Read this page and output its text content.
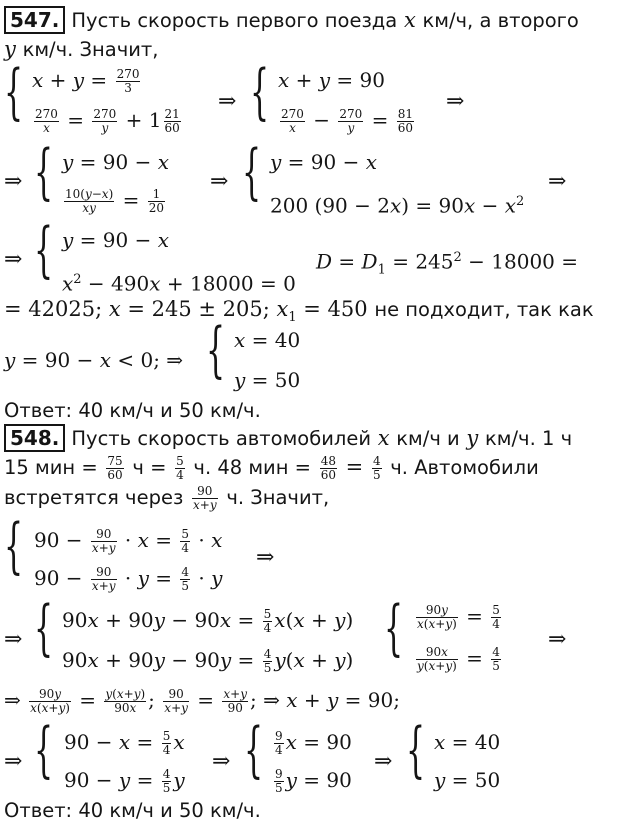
547. Пусть скорость первого поезда x км/ч, а второго
y км/ч. Значит,
{ $x + y = \frac{270}{3}$
$\frac{270}{x} = \frac{270}{y} + 1 \frac{21}{60}$
⇒ { x + y = 90
$\frac{270}{x} - \frac{270}{y} = \frac{81}{60}$
⇒
⇒ { y = 90 − x
$\frac{10(y-x)}{xy} = \frac{1}{20}$
⇒ { y = 90 − x
200 $(90 - 2x) = 90x - x^2$
⇒
⇒ { y = 90 − x
$x^2 - 490x + 18000 = 0$
$D = D_1 = 245^2 - 18000$ =
= 42025; x = 245 ± 205; $x_1 = 450$ не подходит, так как
y = 90 − x < 0; ⇒ { x = 40
y = 50
Ответ: 40 км/ч и 50 км/ч.
548. Пусть скорость автомобилей x км/ч и y км/ч. 1 ч
15 мин = $\frac{75}{60}$ $ч = \frac{5}{4} ч$. 48 мин = $\frac{48}{60} = \frac{4}{5} ч$. Автомобили
встретятся через $\frac{90}{x+y} ч$. Значит,
{ $90 - \frac{90}{x+y} \cdot x = \frac{5}{4} \cdot x$
$90 - \frac{90}{x+y} \cdot y = \frac{4}{5} \cdot y$
⇒
⇒ { $90x + 90y - 90x = \frac{5}{4} x(x + y)$
$90x + 90y - 90y = \frac{4}{5} y(x + y)$ { $\frac{90y}{x(x+y)} = \frac{5}{4}$
$\frac{90x}{y(x+y)} = \frac{4}{5}$
⇒
⇒ $\frac{90y}{x(x+y)} = \frac{y(x+y)}{90x}$ ; $\frac{90}{x+y} = \frac{x+y}{90}$ ; ⇒ x + y = 90;
⇒ { $90 - x = \frac{5}{4}$ x
$90 - y = \frac{4}{5}$ y
⇒ { $\frac{9}{4}$ x = 90
$\frac{9}{5}$ y = 90
⇒ { x = 40
y = 50
Ответ: 40 км/ч и 50 км/ч.
